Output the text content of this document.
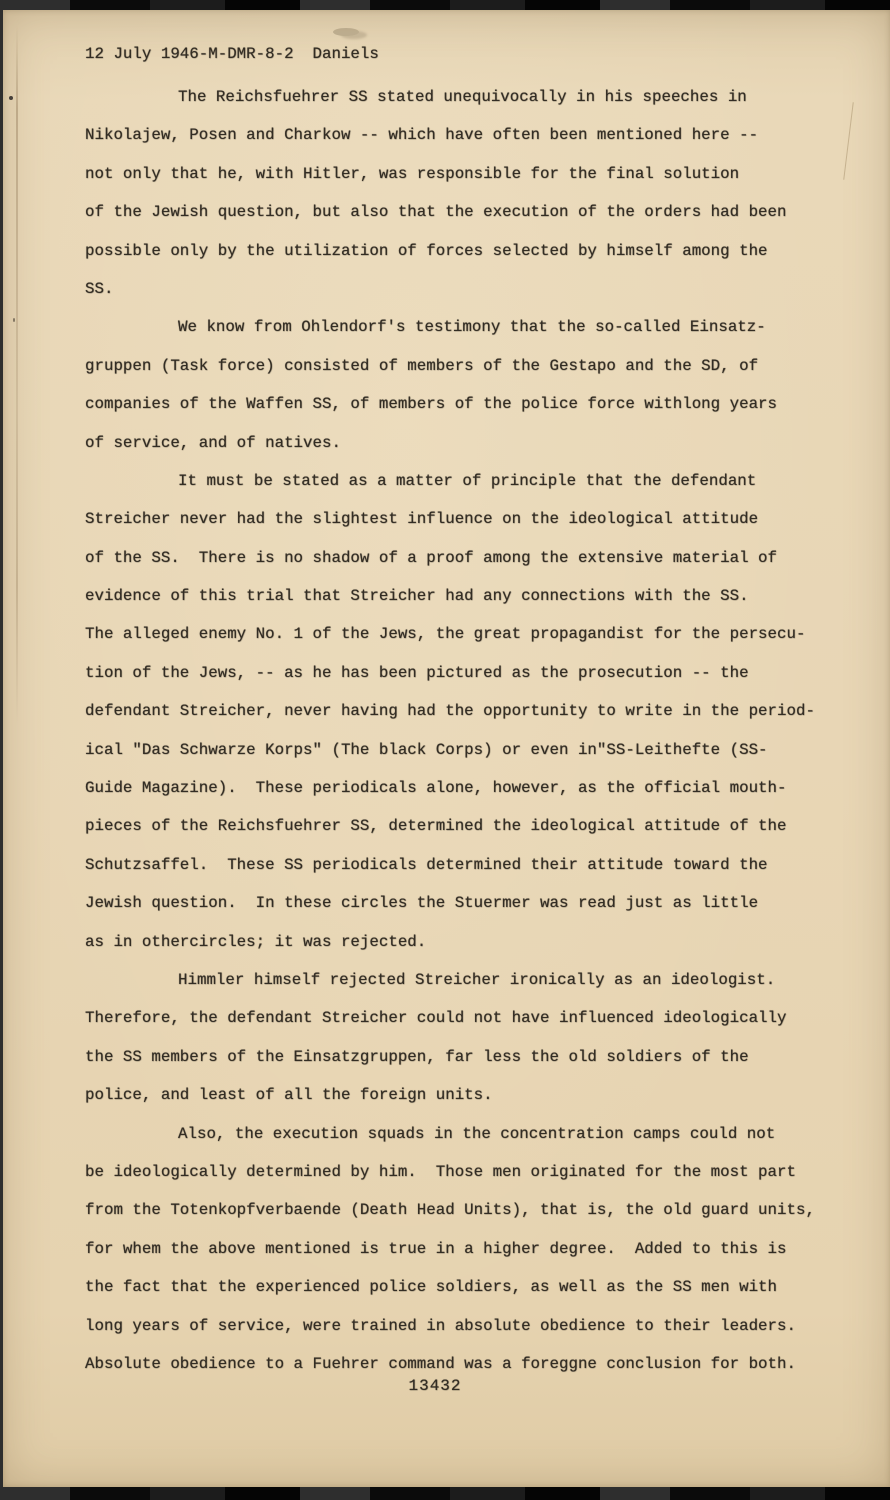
12 July 1946-M-DMR-8-2  Daniels
The Reichsfuehrer SS stated unequivocally in his speeches in
Nikolajew, Posen and Charkow -- which have often been mentioned here --
not only that he, with Hitler, was responsible for the final solution
of the Jewish question, but also that the execution of the orders had been
possible only by the utilization of forces selected by himself among the
SS.
We know from Ohlendorf's testimony that the so-called Einsatz-
gruppen (Task force) consisted of members of the Gestapo and the SD, of
companies of the Waffen SS, of members of the police force withlong years
of service, and of natives.
It must be stated as a matter of principle that the defendant
Streicher never had the slightest influence on the ideological attitude
of the SS.  There is no shadow of a proof among the extensive material of
evidence of this trial that Streicher had any connections with the SS.
The alleged enemy No. 1 of the Jews, the great propagandist for the persecu-
tion of the Jews, -- as he has been pictured as the prosecution -- the
defendant Streicher, never having had the opportunity to write in the period-
ical "Das Schwarze Korps" (The black Corps) or even in"SS-Leithefte (SS-
Guide Magazine).  These periodicals alone, however, as the official mouth-
pieces of the Reichsfuehrer SS, determined the ideological attitude of the
Schutzsaffel.  These SS periodicals determined their attitude toward the
Jewish question.  In these circles the Stuermer was read just as little
as in othercircles; it was rejected.
Himmler himself rejected Streicher ironically as an ideologist.
Therefore, the defendant Streicher could not have influenced ideologically
the SS members of the Einsatzgruppen, far less the old soldiers of the
police, and least of all the foreign units.
Also, the execution squads in the concentration camps could not
be ideologically determined by him.  Those men originated for the most part
from the Totenkopfverbaende (Death Head Units), that is, the old guard units,
for whem the above mentioned is true in a higher degree.  Added to this is
the fact that the experienced police soldiers, as well as the SS men with
long years of service, were trained in absolute obedience to their leaders.
Absolute obedience to a Fuehrer command was a foreggne conclusion for both.
13432
